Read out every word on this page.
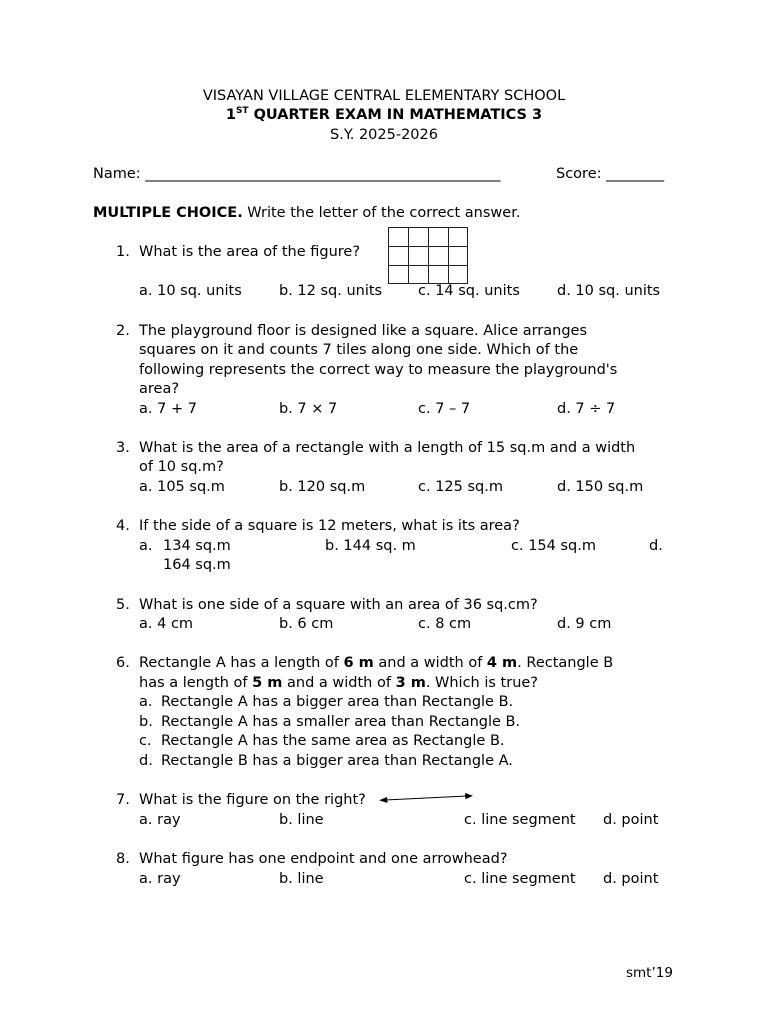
VISAYAN VILLAGE CENTRAL ELEMENTARY SCHOOL
1ST QUARTER EXAM IN MATHEMATICS 3
S.Y. 2025-2026
Name: _________________________________________________	Score: ________
MULTIPLE CHOICE. Write the letter of the correct answer.
1. What is the area of the figure?
a. 10 sq. units	b. 12 sq. units c. 14 sq. units	d. 10 sq. units
2. The playground floor is designed like a square. Alice arranges
squares on it and counts 7 tiles along one side. Which of the
following represents the correct way to measure the playground's
area?
a. 7 + 7	b. 7 × 7	c. 7 – 7	d. 7 ÷ 7
3. What is the area of a rectangle with a length of 15 sq.m and a width
of 10 sq.m?
a. 105 sq.m	b. 120 sq.m	c. 125 sq.m	d. 150 sq.m
4. If the side of a square is 12 meters, what is its area?
a. 134 sq.m	b. 144 sq. m	c. 154 sq.m	d.
164 sq.m
5. What is one side of a square with an area of 36 sq.cm?
a. 4 cm	b. 6 cm	c. 8 cm	d. 9 cm
6. Rectangle A has a length of 6 m and a width of 4 m. Rectangle B
has a length of 5 m and a width of 3 m. Which is true?
a. Rectangle A has a bigger area than Rectangle B.
b. Rectangle A has a smaller area than Rectangle B.
c. Rectangle A has the same area as Rectangle B.
d. Rectangle B has a bigger area than Rectangle A.
7. What is the figure on the right?
a. ray	b. line	c. line segment d. point
8. What figure has one endpoint and one arrowhead?
a. ray	b. line	c. line segment d. point
smt’19
